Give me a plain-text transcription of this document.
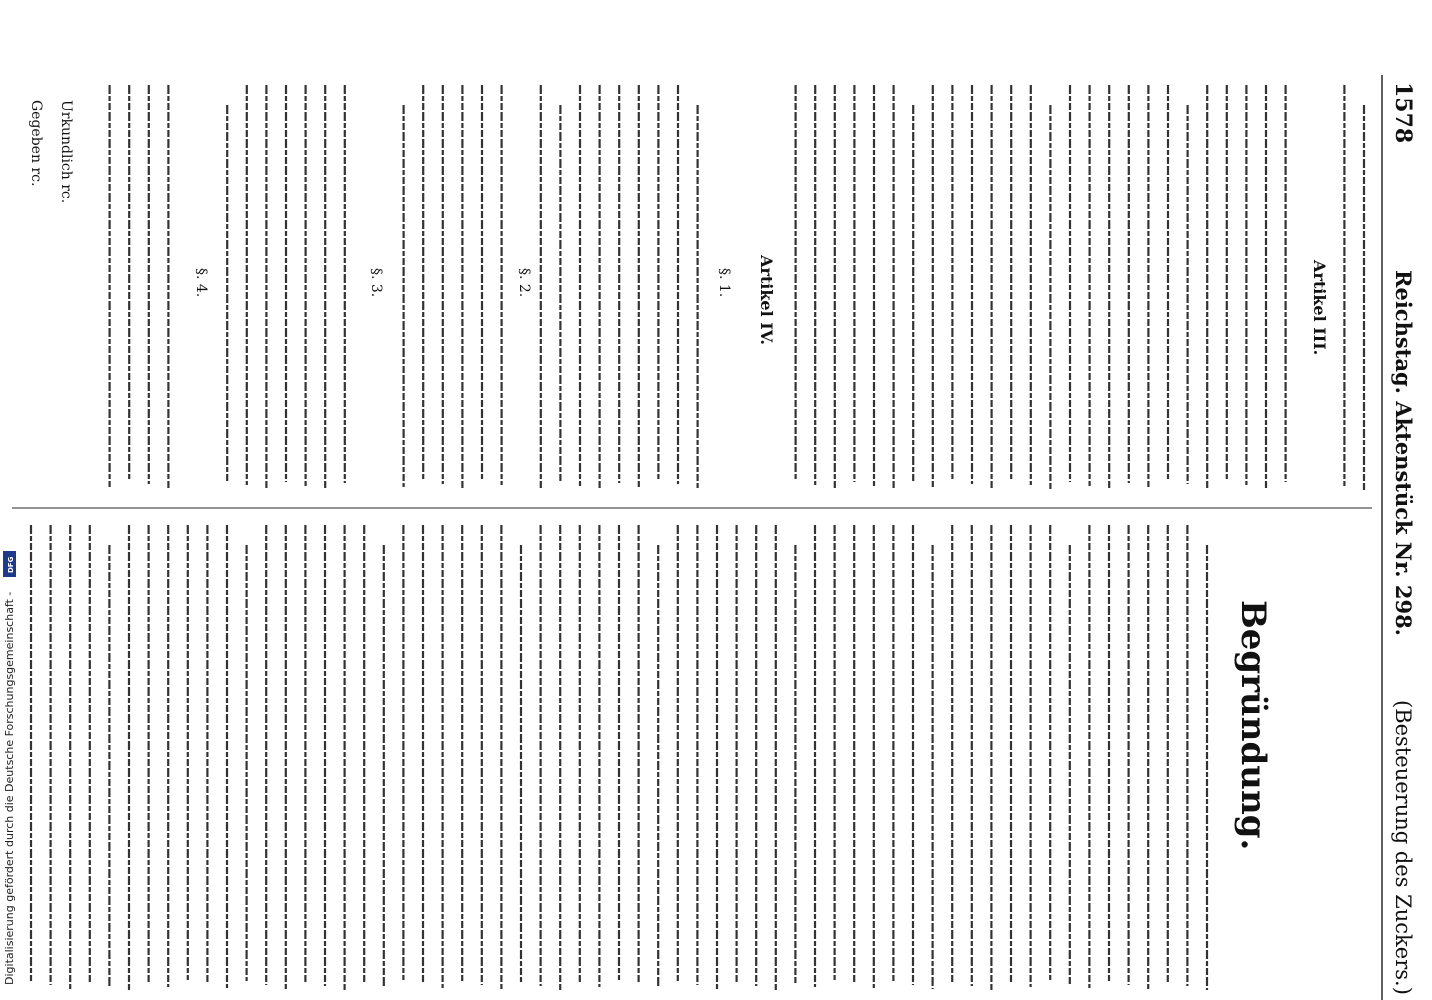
1578
Reichstag. Aktenstück Nr. 298.
(Besteuerung des Zuckers.)
Artikel III.
Artikel IV.
§. 1.
§. 2.
§. 3.
§. 4.
Urkundlich rc.
Gegeben rc.
Begründung.
Digitalisierung gefördert durch die Deutsche Forschungsgemeinschaft -
DFG
